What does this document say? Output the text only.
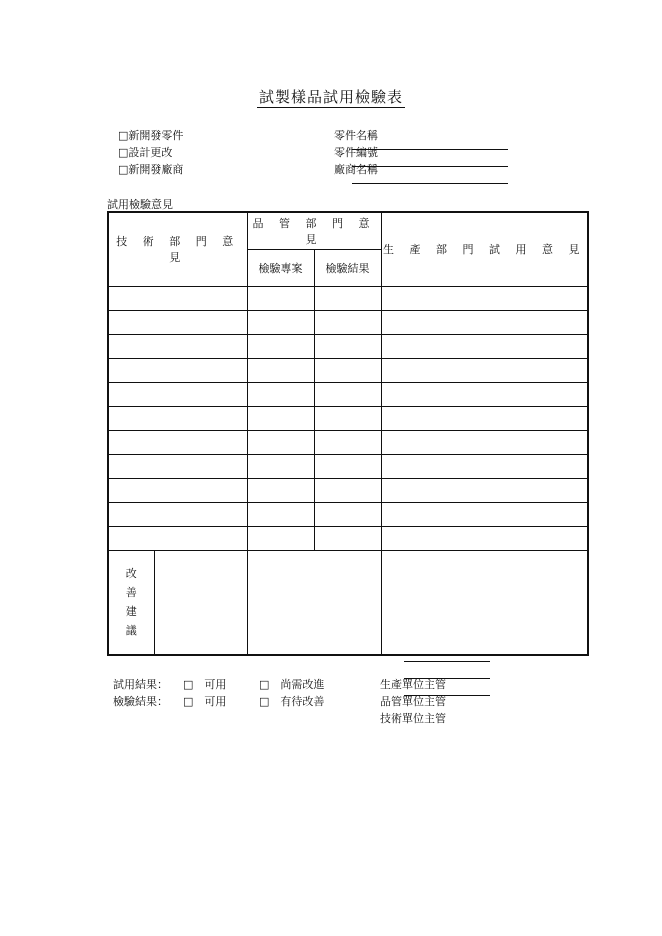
試製樣品試用檢驗表
□新開發零件
□設計更改
□新開發廠商
零件名稱
零件編號
廠商名稱
試用檢驗意見
技 術 部 門 意 見		品 管 部 門 意 見		生 產 部 門 試 用 意 見
		檢驗專案	檢驗結果	

改
善
建
議				

試用結果： □　可用	□　尚需改進
檢驗結果： □　可用	□　有待改善
生產單位主管
品管單位主管
技術單位主管
